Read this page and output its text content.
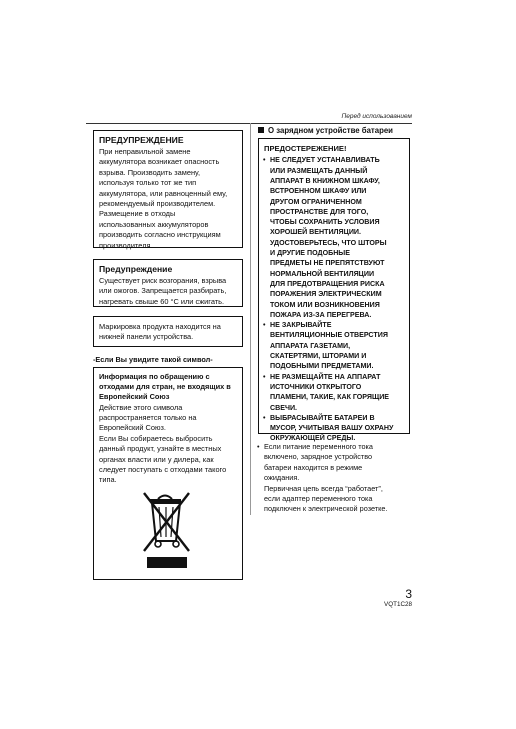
Перед использованием
ПРЕДУПРЕЖДЕНИЕ
При неправильной замене
аккумулятора возникает опасность
взрыва. Производить замену,
используя только тот же тип
аккумулятора, или равноценный ему,
рекомендуемый производителем.
Размещение в отходы
использованных аккумуляторов
производить согласно инструкциям
производителя.
Предупреждение
Существует риск возгорания, взрыва
или ожогов. Запрещается разбирать,
нагревать свыше 60 °С или сжигать.
Маркировка продукта находится на
нижней панели устройства.
-Если Вы увидите такой символ-
Информация по обращению с
отходами для стран, не входящих в
Европейский Союз
Действие этого символа
распространяется только на
Европейский Союз.
Если Вы собираетесь выбросить
данный продукт, узнайте в местных
органах власти или у дилера, как
следует поступать с отходами такого
типа.
О зарядном устройстве батареи
ПРЕДОСТЕРЕЖЕНИЕ!
• НЕ СЛЕДУЕТ УСТАНАВЛИВАТЬ
ИЛИ РАЗМЕЩАТЬ ДАННЫЙ
АППАРАТ В КНИЖНОМ ШКАФУ,
ВСТРОЕННОМ ШКАФУ ИЛИ
ДРУГОМ ОГРАНИЧЕННОМ
ПРОСТРАНСТВЕ ДЛЯ ТОГО,
ЧТОБЫ СОХРАНИТЬ УСЛОВИЯ
ХОРОШЕЙ ВЕНТИЛЯЦИИ.
УДОСТОВЕРЬТЕСЬ, ЧТО ШТОРЫ
И ДРУГИЕ ПОДОБНЫЕ
ПРЕДМЕТЫ НЕ ПРЕПЯТСТВУЮТ
НОРМАЛЬНОЙ ВЕНТИЛЯЦИИ
ДЛЯ ПРЕДОТВРАЩЕНИЯ РИСКА
ПОРАЖЕНИЯ ЭЛЕКТРИЧЕСКИМ
ТОКОМ ИЛИ ВОЗНИКНОВЕНИЯ
ПОЖАРА ИЗ-ЗА ПЕРЕГРЕВА.
• НЕ ЗАКРЫВАЙТЕ
ВЕНТИЛЯЦИОННЫЕ ОТВЕРСТИЯ
АППАРАТА ГАЗЕТАМИ,
СКАТЕРТЯМИ, ШТОРАМИ И
ПОДОБНЫМИ ПРЕДМЕТАМИ.
• НЕ РАЗМЕЩАЙТЕ НА АППАРАТ
ИСТОЧНИКИ ОТКРЫТОГО
ПЛАМЕНИ, ТАКИЕ, КАК ГОРЯЩИЕ
СВЕЧИ.
• ВЫБРАСЫВАЙТЕ БАТАРЕИ В
МУСОР, УЧИТЫВАЯ ВАШУ ОХРАНУ
ОКРУЖАЮЩЕЙ СРЕДЫ.
• Если питание переменного тока
включено, зарядное устройство
батареи находится в режиме
ожидания.
Первичная цепь всегда “работает”,
если адаптер переменного тока
подключен к электрической розетке.
3
VQT1C28
